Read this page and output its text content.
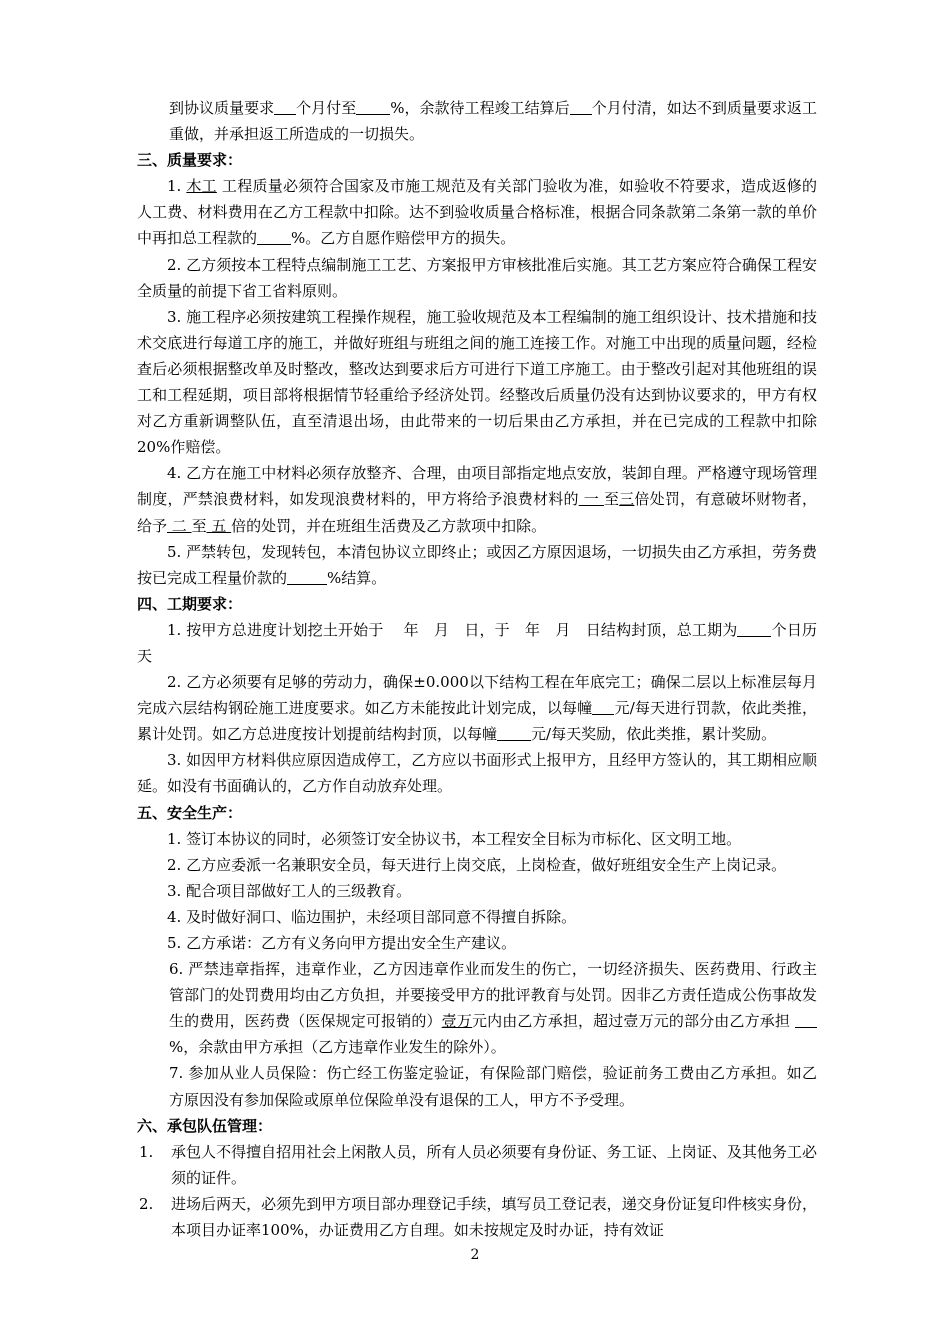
到协议质量要求 个月付至 %，余款待工程竣工结算后 个月付清，如达不到质量要求返工重做，并承担返工所造成的一切损失。

三、质量要求：

1. 木工 工程质量必须符合国家及市施工规范及有关部门验收为准，如验收不符要求，造成返修的人工费、材料费用在乙方工程款中扣除。达不到验收质量合格标准，根据合同条款第二条第一款的单价中再扣总工程款的 %。乙方自愿作赔偿甲方的损失。

2. 乙方须按本工程特点编制施工工艺、方案报甲方审核批准后实施。其工艺方案应符合确保工程安全质量的前提下省工省料原则。

3. 施工程序必须按建筑工程操作规程，施工验收规范及本工程编制的施工组织设计、技术措施和技术交底进行每道工序的施工，并做好班组与班组之间的施工连接工作。对施工中出现的质量问题，经检查后必须根据整改单及时整改，整改达到要求后方可进行下道工序施工。由于整改引起对其他班组的误工和工程延期，项目部将根据情节轻重给予经济处罚。经整改后质量仍没有达到协议要求的，甲方有权对乙方重新调整队伍，直至清退出场，由此带来的一切后果由乙方承担，并在已完成的工程款中扣除20%作赔偿。

4. 乙方在施工中材料必须存放整齐、合理，由项目部指定地点安放，装卸自理。严格遵守现场管理制度，严禁浪费材料，如发现浪费材料的，甲方将给予浪费材料的 一 至三倍处罚，有意破坏财物者，给予 二 至 五 倍的处罚，并在班组生活费及乙方款项中扣除。

5. 严禁转包，发现转包，本清包协议立即终止；或因乙方原因退场，一切损失由乙方承担，劳务费按已完成工程量价款的	%结算。

四、工期要求：

1. 按甲方总进度计划挖土开始于　 年　月　日，于　年　月　日结构封顶，总工期为 个日历天

2. 乙方必须要有足够的劳动力，确保±0.000以下结构工程在年底完工；确保二层以上标准层每月完成六层结构钢砼施工进度要求。如乙方未能按此计划完成，以每幢 元/每天进行罚款，依此类推，累计处罚。如乙方总进度按计划提前结构封顶，以每幢 元/每天奖励，依此类推，累计奖励。

3. 如因甲方材料供应原因造成停工，乙方应以书面形式上报甲方，且经甲方签认的，其工期相应顺延。如没有书面确认的，乙方作自动放弃处理。

五、安全生产：

1. 签订本协议的同时，必须签订安全协议书，本工程安全目标为市标化、区文明工地。

2. 乙方应委派一名兼职安全员，每天进行上岗交底，上岗检查，做好班组安全生产上岗记录。

3. 配合项目部做好工人的三级教育。

4. 及时做好洞口、临边围护，未经项目部同意不得擅自拆除。

5. 乙方承诺：乙方有义务向甲方提出安全生产建议。

6. 严禁违章指挥，违章作业，乙方因违章作业而发生的伤亡，一切经济损失、医药费用、行政主管部门的处罚费用均由乙方负担，并要接受甲方的批评教育与处罚。因非乙方责任造成公伤事故发生的费用，医药费（医保规定可报销的）壹万元内由乙方承担，超过壹万元的部分由乙方承担 %，余款由甲方承担（乙方违章作业发生的除外）。

7. 参加从业人员保险：伤亡经工伤鉴定验证，有保险部门赔偿，验证前务工费由乙方承担。如乙方原因没有参加保险或原单位保险单没有退保的工人，甲方不予受理。

六、承包队伍管理：

1.	承包人不得擅自招用社会上闲散人员，所有人员必须要有身份证、务工证、上岗证、及其他务工必须的证件。
2.	进场后两天，必须先到甲方项目部办理登记手续，填写员工登记表，递交身份证复印件核实身份，本项目办证率100%，办证费用乙方自理。如未按规定及时办证，持有效证
2
